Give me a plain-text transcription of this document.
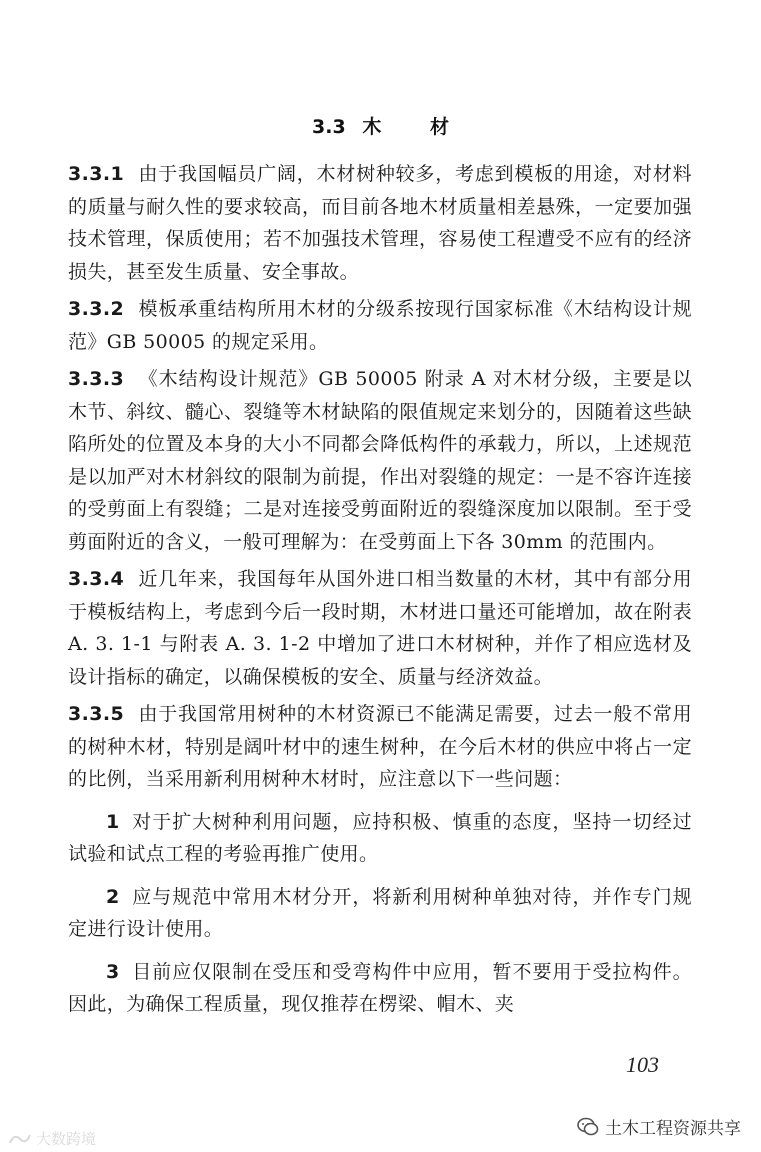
3.3 木	材

3.3.1 由于我国幅员广阔，木材树种较多，考虑到模板的用途，对材料的质量与耐久性的要求较高，而目前各地木材质量相差悬殊，一定要加强技术管理，保质使用；若不加强技术管理，容易使工程遭受不应有的经济损失，甚至发生质量、安全事故。

3.3.2 模板承重结构所用木材的分级系按现行国家标准《木结构设计规范》GB 50005 的规定采用。

3.3.3 《木结构设计规范》GB 50005 附录 A 对木材分级，主要是以木节、斜纹、髓心、裂缝等木材缺陷的限值规定来划分的，因随着这些缺陷所处的位置及本身的大小不同都会降低构件的承载力，所以，上述规范是以加严对木材斜纹的限制为前提，作出对裂缝的规定：一是不容许连接的受剪面上有裂缝；二是对连接受剪面附近的裂缝深度加以限制。至于受剪面附近的含义，一般可理解为：在受剪面上下各 30mm 的范围内。

3.3.4 近几年来，我国每年从国外进口相当数量的木材，其中有部分用于模板结构上，考虑到今后一段时期，木材进口量还可能增加，故在附表 A. 3. 1-1 与附表 A. 3. 1-2 中增加了进口木材树种，并作了相应选材及设计指标的确定，以确保模板的安全、质量与经济效益。

3.3.5 由于我国常用树种的木材资源已不能满足需要，过去一般不常用的树种木材，特别是阔叶材中的速生树种，在今后木材的供应中将占一定的比例，当采用新利用树种木材时，应注意以下一些问题：

1 对于扩大树种利用问题，应持积极、慎重的态度，坚持一切经过试验和试点工程的考验再推广使用。

2 应与规范中常用木材分开，将新利用树种单独对待，并作专门规定进行设计使用。

3 目前应仅限制在受压和受弯构件中应用，暂不要用于受拉构件。因此，为确保工程质量，现仅推荐在楞梁、帽木、夹

103
土木工程资源共享
大数跨境
